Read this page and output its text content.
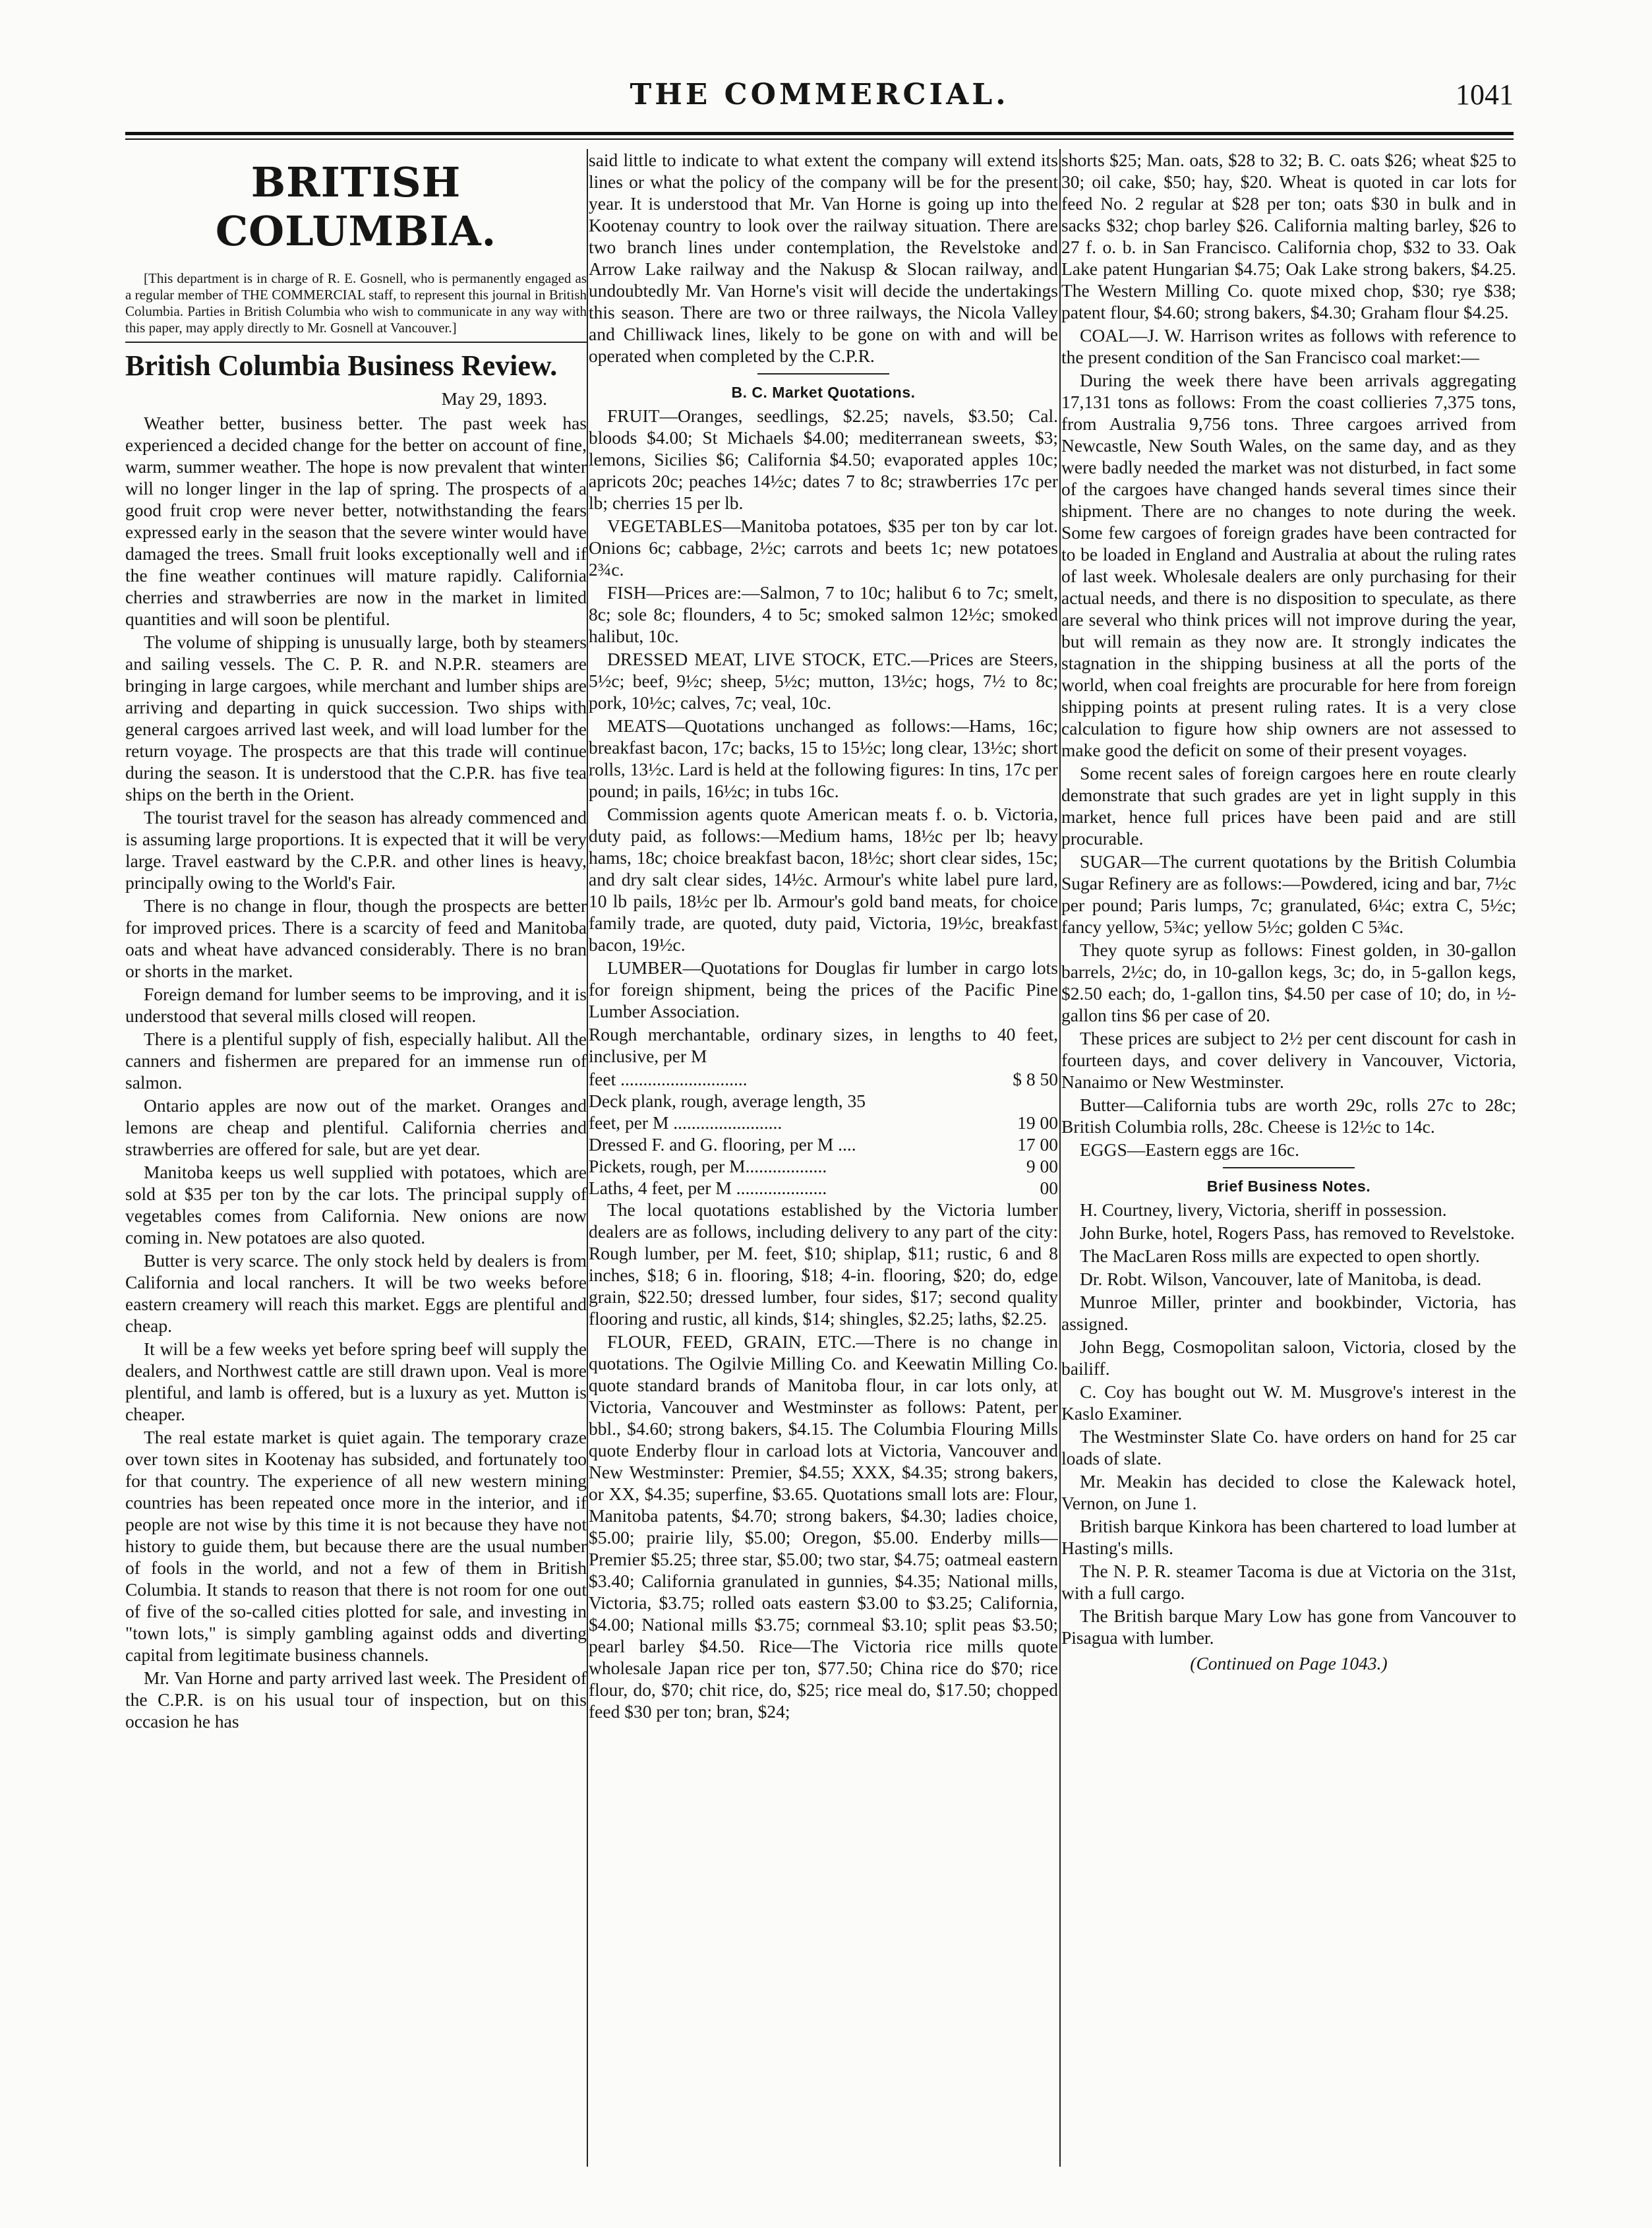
THE COMMERCIAL.	1041
BRITISH COLUMBIA.

[This department is in charge of R. E. Gosnell, who is permanently engaged as a regular member of THE COMMERCIAL staff, to represent this journal in British Columbia. Parties in British Columbia who wish to communicate in any way with this paper, may apply directly to Mr. Gosnell at Vancouver.]

British Columbia Business Review.
May 29, 1893.

Weather better, business better. The past week has experienced a decided change for the better on account of fine, warm, summer weather. The hope is now prevalent that winter will no longer linger in the lap of spring. The prospects of a good fruit crop were never better, notwithstanding the fears expressed early in the season that the severe winter would have damaged the trees. Small fruit looks exceptionally well and if the fine weather continues will mature rapidly. California cherries and strawberries are now in the market in limited quantities and will soon be plentiful.

The volume of shipping is unusually large, both by steamers and sailing vessels. The C. P. R. and N.P.R. steamers are bringing in large cargoes, while merchant and lumber ships are arriving and departing in quick succession. Two ships with general cargoes arrived last week, and will load lumber for the return voyage. The prospects are that this trade will continue during the season. It is understood that the C.P.R. has five tea ships on the berth in the Orient.

The tourist travel for the season has already commenced and is assuming large proportions. It is expected that it will be very large. Travel eastward by the C.P.R. and other lines is heavy, principally owing to the World's Fair.

There is no change in flour, though the prospects are better for improved prices. There is a scarcity of feed and Manitoba oats and wheat have advanced considerably. There is no bran or shorts in the market.

Foreign demand for lumber seems to be improving, and it is understood that several mills closed will reopen.

There is a plentiful supply of fish, especially halibut. All the canners and fishermen are prepared for an immense run of salmon.

Ontario apples are now out of the market. Oranges and lemons are cheap and plentiful. California cherries and strawberries are offered for sale, but are yet dear.

Manitoba keeps us well supplied with potatoes, which are sold at $35 per ton by the car lots. The principal supply of vegetables comes from California. New onions are now coming in. New potatoes are also quoted.

Butter is very scarce. The only stock held by dealers is from California and local ranchers. It will be two weeks before eastern creamery will reach this market. Eggs are plentiful and cheap.

It will be a few weeks yet before spring beef will supply the dealers, and Northwest cattle are still drawn upon. Veal is more plentiful, and lamb is offered, but is a luxury as yet. Mutton is cheaper.

The real estate market is quiet again. The temporary craze over town sites in Kootenay has subsided, and fortunately too for that country. The experience of all new western mining countries has been repeated once more in the interior, and if people are not wise by this time it is not because they have not history to guide them, but because there are the usual number of fools in the world, and not a few of them in British Columbia. It stands to reason that there is not room for one out of five of the so-called cities plotted for sale, and investing in "town lots," is simply gambling against odds and diverting capital from legitimate business channels.

Mr. Van Horne and party arrived last week. The President of the C.P.R. is on his usual tour of inspection, but on this occasion he has

said little to indicate to what extent the company will extend its lines or what the policy of the company will be for the present year. It is understood that Mr. Van Horne is going up into the Kootenay country to look over the railway situation. There are two branch lines under contemplation, the Revelstoke and Arrow Lake railway and the Nakusp & Slocan railway, and undoubtedly Mr. Van Horne's visit will decide the undertakings this season. There are two or three railways, the Nicola Valley and Chilliwack lines, likely to be gone on with and will be operated when completed by the C.P.R.

B. C. Market Quotations.

FRUIT—Oranges, seedlings, $2.25; navels, $3.50; Cal. bloods $4.00; St Michaels $4.00; mediterranean sweets, $3; lemons, Sicilies $6; California $4.50; evaporated apples 10c; apricots 20c; peaches 14½c; dates 7 to 8c; strawberries 17c per lb; cherries 15 per lb.

VEGETABLES—Manitoba potatoes, $35 per ton by car lot. Onions 6c; cabbage, 2½c; carrots and beets 1c; new potatoes 2¾c.

FISH—Prices are:—Salmon, 7 to 10c; halibut 6 to 7c; smelt, 8c; sole 8c; flounders, 4 to 5c; smoked salmon 12½c; smoked halibut, 10c.

DRESSED MEAT, LIVE STOCK, ETC.—Prices are Steers, 5½c; beef, 9½c; sheep, 5½c; mutton, 13½c; hogs, 7½ to 8c; pork, 10½c; calves, 7c; veal, 10c.

MEATS—Quotations unchanged as follows:—Hams, 16c; breakfast bacon, 17c; backs, 15 to 15½c; long clear, 13½c; short rolls, 13½c. Lard is held at the following figures: In tins, 17c per pound; in pails, 16½c; in tubs 16c.

Commission agents quote American meats f. o. b. Victoria, duty paid, as follows:—Medium hams, 18½c per lb; heavy hams, 18c; choice breakfast bacon, 18½c; short clear sides, 15c; and dry salt clear sides, 14½c. Armour's white label pure lard, 10 lb pails, 18½c per lb. Armour's gold band meats, for choice family trade, are quoted, duty paid, Victoria, 19½c, breakfast bacon, 19½c.

LUMBER—Quotations for Douglas fir lumber in cargo lots for foreign shipment, being the prices of the Pacific Pine Lumber Association.

Rough merchantable, ordinary sizes, in lengths to 40 feet, inclusive, per M

feet ............................	$ 8 50
Deck plank, rough, average length, 35
feet, per M ........................	19 00
Dressed F. and G. flooring, per M ....	17 00
Pickets, rough, per M..................	9 00
Laths, 4 feet, per M ....................	00

The local quotations established by the Victoria lumber dealers are as follows, including delivery to any part of the city: Rough lumber, per M. feet, $10; shiplap, $11; rustic, 6 and 8 inches, $18; 6 in. flooring, $18; 4-in. flooring, $20; do, edge grain, $22.50; dressed lumber, four sides, $17; second quality flooring and rustic, all kinds, $14; shingles, $2.25; laths, $2.25.

FLOUR, FEED, GRAIN, ETC.—There is no change in quotations. The Ogilvie Milling Co. and Keewatin Milling Co. quote standard brands of Manitoba flour, in car lots only, at Victoria, Vancouver and Westminster as follows: Patent, per bbl., $4.60; strong bakers, $4.15. The Columbia Flouring Mills quote Enderby flour in carload lots at Victoria, Vancouver and New Westminster: Premier, $4.55; XXX, $4.35; strong bakers, or XX, $4.35; superfine, $3.65. Quotations small lots are: Flour, Manitoba patents, $4.70; strong bakers, $4.30; ladies choice, $5.00; prairie lily, $5.00; Oregon, $5.00. Enderby mills—Premier $5.25; three star, $5.00; two star, $4.75; oatmeal eastern $3.40; California granulated in gunnies, $4.35; National mills, Victoria, $3.75; rolled oats eastern $3.00 to $3.25; California, $4.00; National mills $3.75; cornmeal $3.10; split peas $3.50; pearl barley $4.50. Rice—The Victoria rice mills quote wholesale Japan rice per ton, $77.50; China rice do $70; rice flour, do, $70; chit rice, do, $25; rice meal do, $17.50; chopped feed $30 per ton; bran, $24;

shorts $25; Man. oats, $28 to 32; B. C. oats $26; wheat $25 to 30; oil cake, $50; hay, $20. Wheat is quoted in car lots for feed No. 2 regular at $28 per ton; oats $30 in bulk and in sacks $32; chop barley $26. California malting barley, $26 to 27 f. o. b. in San Francisco. California chop, $32 to 33. Oak Lake patent Hungarian $4.75; Oak Lake strong bakers, $4.25. The Western Milling Co. quote mixed chop, $30; rye $38; patent flour, $4.60; strong bakers, $4.30; Graham flour $4.25.

COAL—J. W. Harrison writes as follows with reference to the present condition of the San Francisco coal market:—

During the week there have been arrivals aggregating 17,131 tons as follows: From the coast collieries 7,375 tons, from Australia 9,756 tons. Three cargoes arrived from Newcastle, New South Wales, on the same day, and as they were badly needed the market was not disturbed, in fact some of the cargoes have changed hands several times since their shipment. There are no changes to note during the week. Some few cargoes of foreign grades have been contracted for to be loaded in England and Australia at about the ruling rates of last week. Wholesale dealers are only purchasing for their actual needs, and there is no disposition to speculate, as there are several who think prices will not improve during the year, but will remain as they now are. It strongly indicates the stagnation in the shipping business at all the ports of the world, when coal freights are procurable for here from foreign shipping points at present ruling rates. It is a very close calculation to figure how ship owners are not assessed to make good the deficit on some of their present voyages.

Some recent sales of foreign cargoes here en route clearly demonstrate that such grades are yet in light supply in this market, hence full prices have been paid and are still procurable.

SUGAR—The current quotations by the British Columbia Sugar Refinery are as follows:—Powdered, icing and bar, 7½c per pound; Paris lumps, 7c; granulated, 6¼c; extra C, 5½c; fancy yellow, 5¾c; yellow 5½c; golden C 5¾c.

They quote syrup as follows: Finest golden, in 30-gallon barrels, 2½c; do, in 10-gallon kegs, 3c; do, in 5-gallon kegs, $2.50 each; do, 1-gallon tins, $4.50 per case of 10; do, in ½-gallon tins $6 per case of 20.

These prices are subject to 2½ per cent discount for cash in fourteen days, and cover delivery in Vancouver, Victoria, Nanaimo or New Westminster.

Butter—California tubs are worth 29c, rolls 27c to 28c; British Columbia rolls, 28c. Cheese is 12½c to 14c.

EGGS—Eastern eggs are 16c.

Brief Business Notes.

H. Courtney, livery, Victoria, sheriff in possession.

John Burke, hotel, Rogers Pass, has removed to Revelstoke.

The MacLaren Ross mills are expected to open shortly.

Dr. Robt. Wilson, Vancouver, late of Manitoba, is dead.

Munroe Miller, printer and bookbinder, Victoria, has assigned.

John Begg, Cosmopolitan saloon, Victoria, closed by the bailiff.

C. Coy has bought out W. M. Musgrove's interest in the Kaslo Examiner.

The Westminster Slate Co. have orders on hand for 25 car loads of slate.

Mr. Meakin has decided to close the Kalewack hotel, Vernon, on June 1.

British barque Kinkora has been chartered to load lumber at Hasting's mills.

The N. P. R. steamer Tacoma is due at Victoria on the 31st, with a full cargo.

The British barque Mary Low has gone from Vancouver to Pisagua with lumber.

(Continued on Page 1043.)
